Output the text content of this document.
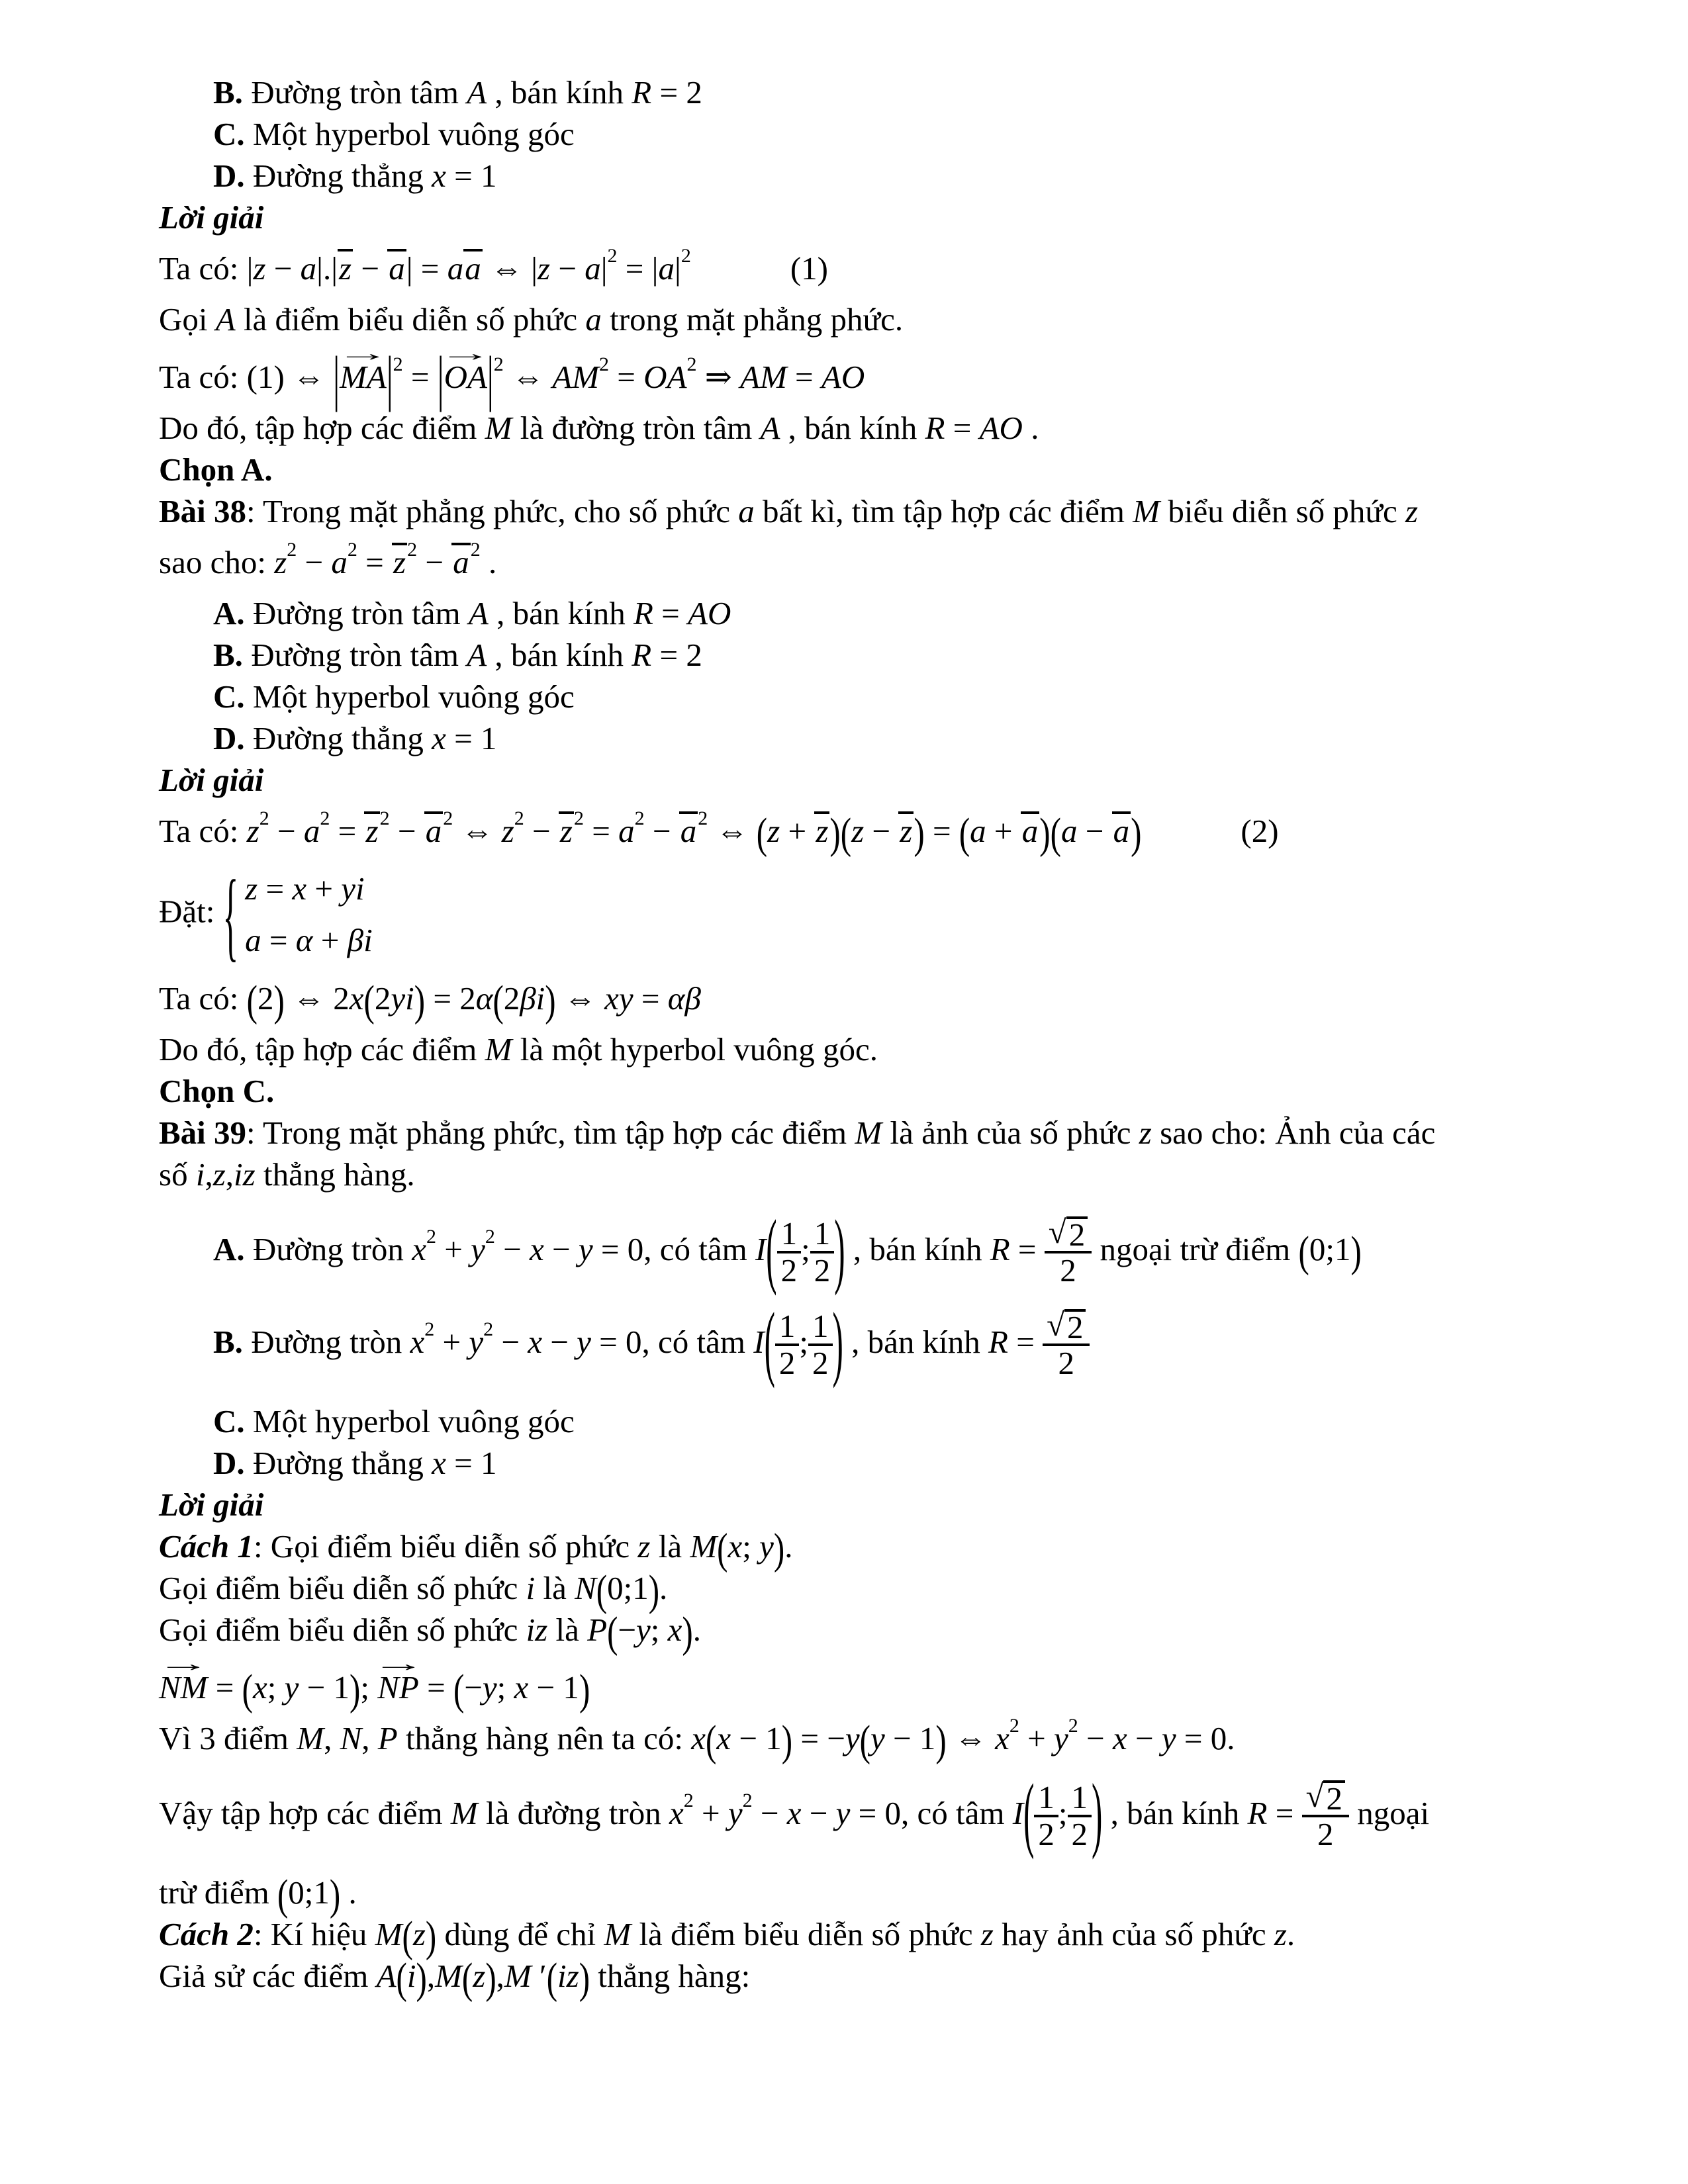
B. Đường tròn tâm A , bán kính R = 2
C. Một hyperbol vuông góc
D. Đường thẳng x = 1
Lời giải
Ta có: |z − a|.|z − a| = aa ⇔ $|z - a|^2 = |a|^2$	(1)
Gọi A là điểm biểu diễn số phức a trong mặt phẳng phức.
Ta có: (1) ⇔ |
→
$MA|^2$ = |
→
$OA|^2$ ⇔ $AM^2 = OA^2$ ⇒ AM = AO
Do đó, tập hợp các điểm M là đường tròn tâm A , bán kính R = AO .
Chọn A.
Bài 38: Trong mặt phẳng phức, cho số phức a bất kì, tìm tập hợp các điểm M biểu diễn số phức z
sao cho: $z^2 - a^2 = z^2 - a^2$ .
A. Đường tròn tâm A , bán kính R = AO
B. Đường tròn tâm A , bán kính R = 2
C. Một hyperbol vuông góc
D. Đường thẳng x = 1
Lời giải
Ta có: $z^2 - a^2 = z^2 - a^2$ ⇔ $z^2 - z^2 = a^2 - a^2$ ⇔ (z + z)(z − z) = (a + a)(a − a)	(2)
Đặt: { z = x + yi
a = α + βi
Ta có: (2) ⇔ 2x(2yi) = 2α(2βi) ⇔ xy = αβ
Do đó, tập hợp các điểm M là một hyperbol vuông góc.
Chọn C.
Bài 39: Trong mặt phẳng phức, tìm tập hợp các điểm M là ảnh của số phức z sao cho: Ảnh của các
số i,z,iz thẳng hàng.
A. Đường tròn $x^2 + y^2 - x - y = 0$, có tâm $I( \frac{1}{2}$ ; $\frac{1}{2}$ ) , bán kính $R = \frac{√ 2}{2}$ ngoại trừ điểm (0;1)
B. Đường tròn $x^2 + y^2 - x - y = 0$, có tâm $I( \frac{1}{2}$ ; $\frac{1}{2}$ ) , bán kính $R = \frac{√ 2}{2}$
C. Một hyperbol vuông góc
D. Đường thẳng x = 1
Lời giải
Cách 1: Gọi điểm biểu diễn số phức z là M(x; y).
Gọi điểm biểu diễn số phức i là N(0;1).
Gọi điểm biểu diễn số phức iz là P(−y; x).
→
NM = (x; y − 1);
→
NP = (−y; x − 1)
Vì 3 điểm M, N, P thẳng hàng nên ta có: x(x − 1) = −y(y − 1) ⇔ $x^2 + y^2 - x - y = 0$.
Vậy tập hợp các điểm M là đường tròn $x^2 + y^2 - x - y = 0$, có tâm $I( \frac{1}{2}$ ; $\frac{1}{2}$ ) , bán kính $R = \frac{√ 2}{2}$ ngoại
trừ điểm (0;1) .
Cách 2: Kí hiệu M(z) dùng để chỉ M là điểm biểu diễn số phức z hay ảnh của số phức z.
Giả sử các điểm A(i),M(z),M ′(iz) thẳng hàng:
